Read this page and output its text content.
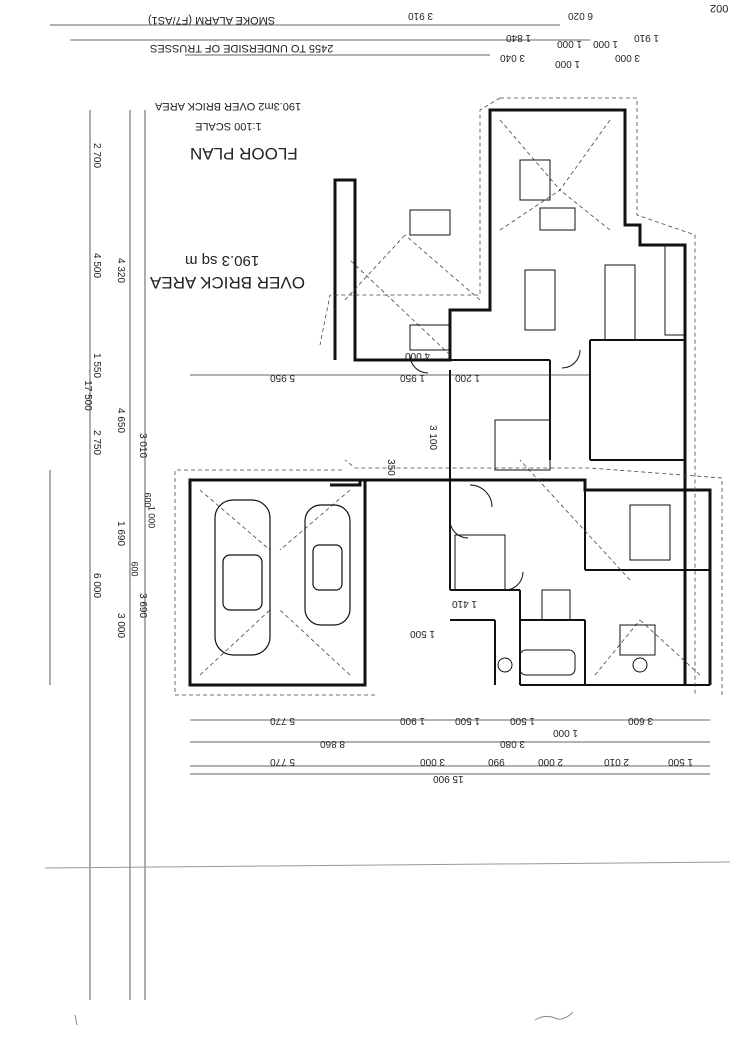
002
SMOKE ALARM (F7/AS1)
2455 TO UNDERSIDE OF TRUSSES
190.3m2 OVER BRICK AREA
1:100 SCALE
FLOOR PLAN
190.3 sq m
OVER BRICK AREA
3 910	6 020
1 840
1 000 1 000
1 910
3 040
1 000
3 000
2 700
4 500
1 550
2 750
6 000
17 500
4 320
4 650
3 010
600
1 000
1 690
600
3 690
3 000
4 000
5 950	1 950	1 200
3 100
350
1 410
1 500
5 770	1 900	1 500	1 500
1 000
3 600
8 860	3 080
5 770	3 000	990	2 000	2 010	1 500
15 900
